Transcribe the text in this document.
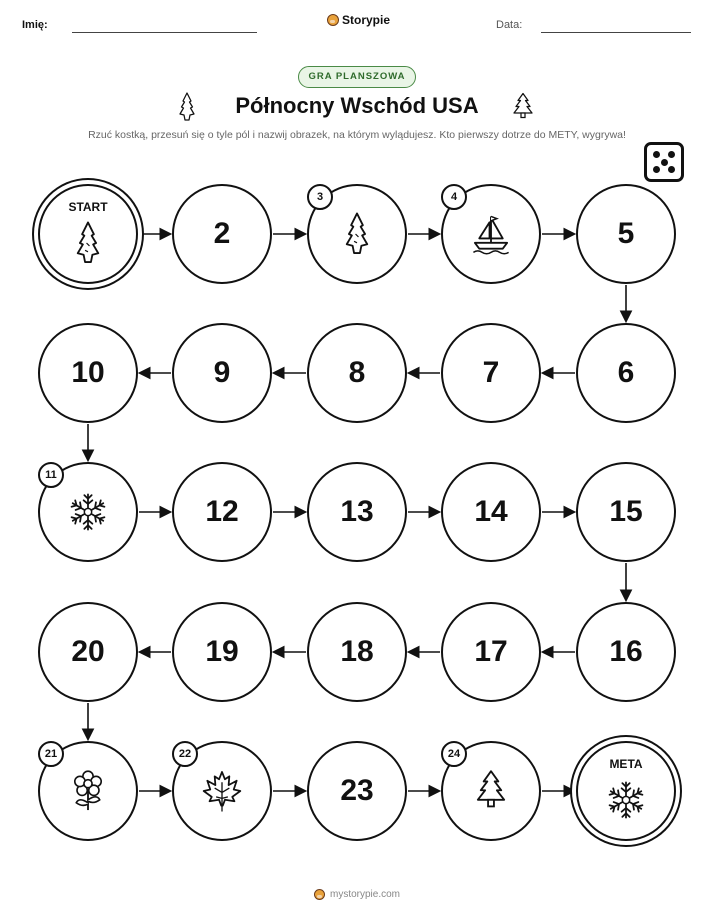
Imię:	Storypie	Data:
GRA PLANSZOWA
Północny Wschód USA
Rzuć kostką, przesuń się o tyle pól i nazwij obrazek, na którym wylądujesz. Kto pierwszy dotrze do METY, wygrywa!
START
2
3	4
5
6
7
8
9
10
11
12	13	14	15
16
17
18
19
20
21	22
23
24
META
mystorypie.com
